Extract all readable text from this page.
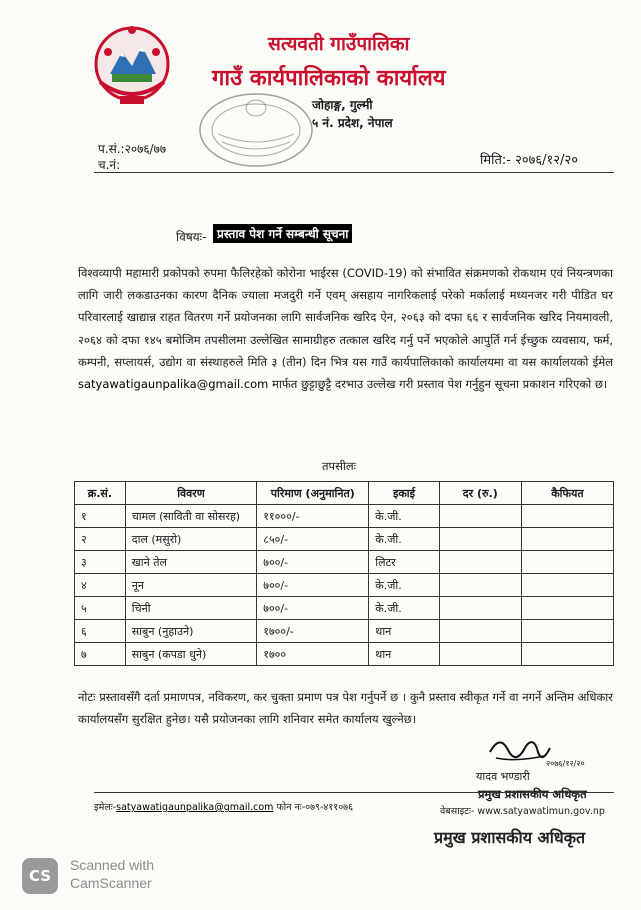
सत्यवती गाउँपालिका
गाउँ कार्यपालिकाको कार्यालय
जोहाङ्ग, गुल्मी
५ नं. प्रदेश, नेपाल
प.सं.:२०७६/७७
च.नं:	मिति:- २०७६/१२/२०
विषयः- प्रस्ताव पेश गर्ने सम्बन्धी सूचना
विश्वव्यापी महामारी प्रकोपको रुपमा फैलिरहेको कोरोना भाईरस (COVID-19) को संभावित संक्रमणको रोकथाम एवं नियन्त्रणका लागि जारी लकडाउनका कारण दैनिक ज्याला मजदुरी गर्ने एवम् असहाय नागरिकलाई परेको मर्कालाई मध्यनजर गरी पीडित घर परिवारलाई खाद्यान्न राहत वितरण गर्ने प्रयोजनका लागि सार्वजनिक खरिद ऐन, २०६३ को दफा ६६ र सार्वजनिक खरिद नियमावली, २०६४ को दफा १४५ बमोजिम तपसीलमा उल्लेखित सामाग्रीहरु तत्काल खरिद गर्नु पर्ने भएकोले आपुर्ति गर्न ईच्छुक व्यवसाय, फर्म, कम्पनी, सप्लायर्स, उद्योग वा संस्थाहरुले मिति ३ (तीन) दिन भित्र यस गाउँ कार्यपालिकाको कार्यालयमा वा यस कार्यालयको ईमेल satyawatigaunpalika@gmail.com मार्फत छुट्टाछुट्टै दरभाउ उल्लेख गरी प्रस्ताव पेश गर्नुहुन सूचना प्रकाशन गरिएको छ।
तपसीलः
क्र.सं.	विवरण	परिमाण (अनुमानित)	इकाई	दर (रु.)	कैफियत
१	चामल (साविती वा सोसरह)	११०००/-	के.जी.		
२	दाल (मसुरो)	८५०/-	के.जी.		
३	खाने तेल	७००/-	लिटर		
४	नून	७००/-	के.जी.		
५	चिनी	७००/-	के.जी.		
६	साबुन (नुहाउने)	१७००/-	थान		
७	साबुन (कपडा धुने)	१७००	थान		
नोटः प्रस्तावसँगै दर्ता प्रमाणपत्र, नविकरण, कर चुक्ता प्रमाण पत्र पेश गर्नुपर्ने छ । कुनै प्रस्ताव स्वीकृत गर्ने वा नगर्ने अन्तिम अधिकार कार्यालयसँग सुरक्षित हुनेछ। यसै प्रयोजनका लागि शनिवार समेत कार्यालय खुल्नेछ।
२०७६/१२/२०
यादव भण्डारी
प्रमुख प्रशासकीय अधिकृत
इमेलः-satyawatigaunpalika@gmail.com फोन नः-०७९-४११०७६	वेबसाइटः- www.satyawatimun.gov.np
प्रमुख प्रशासकीय अधिकृत
CS
Scanned with
CamScanner
